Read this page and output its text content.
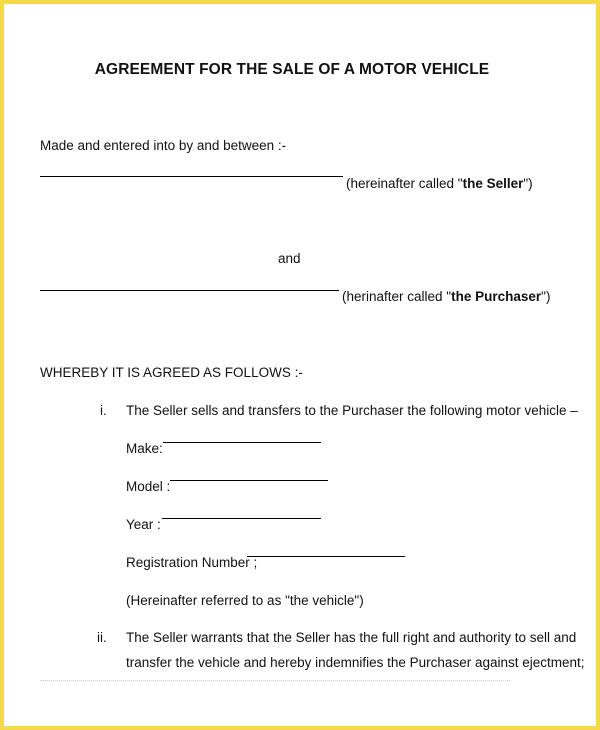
AGREEMENT FOR THE SALE OF A MOTOR VEHICLE
Made and entered into by and between :-
(hereinafter called "the Seller")
and
(herinafter called "the Purchaser")
WHEREBY IT IS AGREED AS FOLLOWS :-
i. The Seller sells and transfers to the Purchaser the following motor vehicle –
Make:
Model :
Year :
Registration Number ;
(Hereinafter referred to as "the vehicle")
ii. The Seller warrants that the Seller has the full right and authority to sell and
transfer the vehicle and hereby indemnifies the Purchaser against ejectment;
